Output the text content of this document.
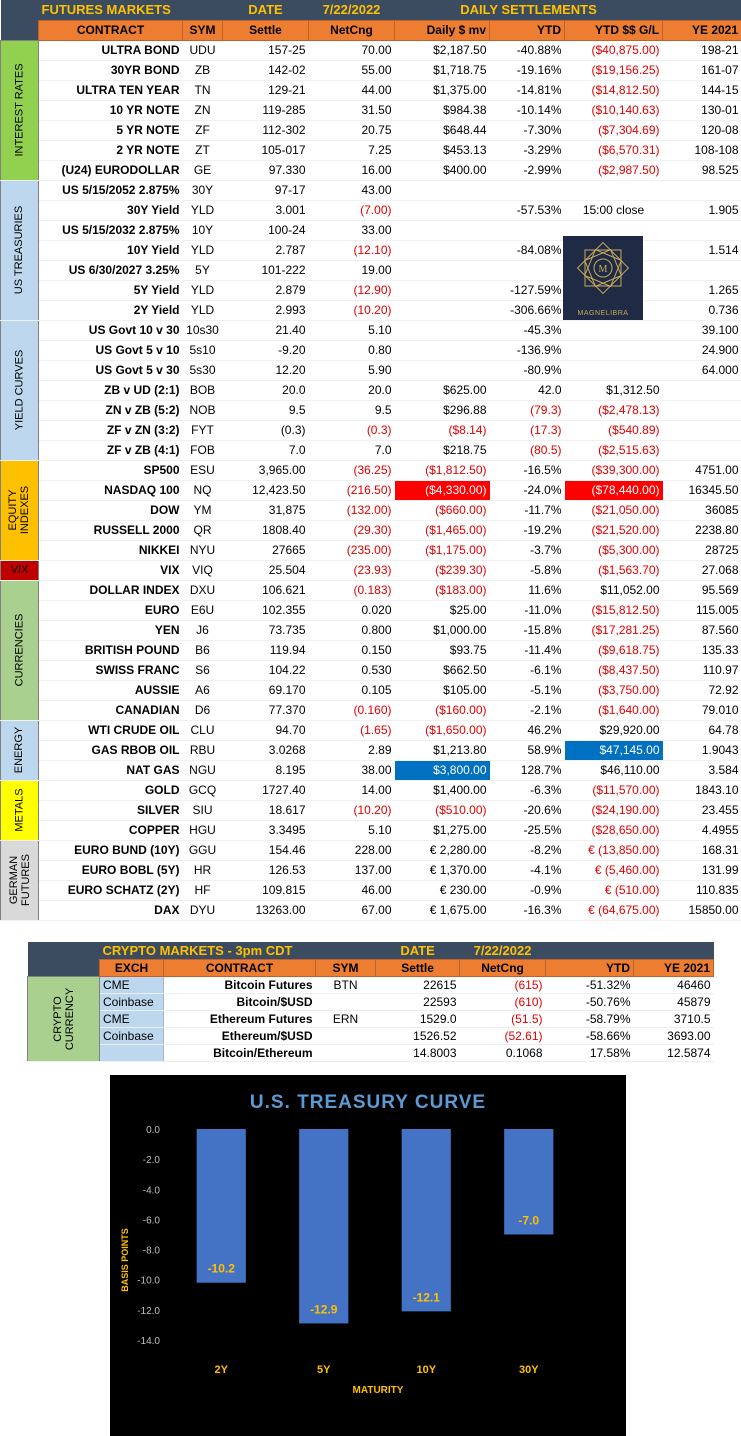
	FUTURES MARKETS		DATE	7/22/2022	DAILY SETTLEMENTS			
	CONTRACT	SYM	Settle	NetCng	Daily $ mv	YTD	YTD $$ G/L	YE 2021

INTEREST RATES	ULTRA BOND	UDU	157-25	70.00	$2,187.50	-40.88%	($40,875.00)	198-21
	30YR BOND	ZB	142-02	55.00	$1,718.75	-19.16%	($19,156.25)	161-07
	ULTRA TEN YEAR	TN	129-21	44.00	$1,375.00	-14.81%	($14,812.50)	144-15
	10 YR NOTE	ZN	119-285	31.50	$984.38	-10.14%	($10,140.63)	130-01
	5 YR NOTE	ZF	112-302	20.75	$648.44	-7.30%	($7,304.69)	120-08
	2 YR NOTE	ZT	105-017	7.25	$453.13	-3.29%	($6,570.31)	108-108
	(U24) EURODOLLAR	GE	97.330	16.00	$400.00	-2.99%	($2,987.50)	98.525

US TREASURIES	US 5/15/2052 2.875%	30Y	97-17	43.00				
	30Y Yield	YLD	3.001	(7.00)		-57.53%	15:00 close	1.905
	US 5/15/2032 2.875%	10Y	100-24	33.00				
	10Y Yield	YLD	2.787	(12.10)		-84.08%		1.514
	US 6/30/2027 3.25%	5Y	101-222	19.00				
	5Y Yield	YLD	2.879	(12.90)		-127.59%		1.265
	2Y Yield	YLD	2.993	(10.20)		-306.66%		0.736

YIELD CURVES	US Govt 10 v 30	10s30	21.40	5.10		-45.3%		39.100
	US Govt 5 v 10	5s10	-9.20	0.80		-136.9%		24.900
	US Govt 5 v 30	5s30	12.20	5.90		-80.9%		64.000
	ZB v UD (2:1)	BOB	20.0	20.0	$625.00	42.0	$1,312.50	
	ZN v ZB (5:2)	NOB	9.5	9.5	$296.88	(79.3)	($2,478.13)	
	ZF v ZN (3:2)	FYT	(0.3)	(0.3)	($8.14)	(17.3)	($540.89)	
	ZF v ZB (4:1)	FOB	7.0	7.0	$218.75	(80.5)	($2,515.63)	

EQUITY INDEXES	SP500	ESU	3,965.00	(36.25)	($1,812.50)	-16.5%	($39,300.00)	4751.00
	NASDAQ 100	NQ	12,423.50	(216.50)	($4,330.00)	-24.0%	($78,440.00)	16345.50
	DOW	YM	31,875	(132.00)	($660.00)	-11.7%	($21,050.00)	36085
	RUSSELL 2000	QR	1808.40	(29.30)	($1,465.00)	-19.2%	($21,520.00)	2238.80
	NIKKEI	NYU	27665	(235.00)	($1,175.00)	-3.7%	($5,300.00)	28725

VIX	VIX	VIQ	25.504	(23.93)	($239.30)	-5.8%	($1,563.70)	27.068

CURRENCIES	DOLLAR INDEX	DXU	106.621	(0.183)	($183.00)	11.6%	$11,052.00	95.569
	EURO	E6U	102.355	0.020	$25.00	-11.0%	($15,812.50)	115.005
	YEN	J6	73.735	0.800	$1,000.00	-15.8%	($17,281.25)	87.560
	BRITISH POUND	B6	119.94	0.150	$93.75	-11.4%	($9,618.75)	135.33
	SWISS FRANC	S6	104.22	0.530	$662.50	-6.1%	($8,437.50)	110.97
	AUSSIE	A6	69.170	0.105	$105.00	-5.1%	($3,750.00)	72.92
	CANADIAN	D6	77.370	(0.160)	($160.00)	-2.1%	($1,640.00)	79.010

ENERGY	WTI CRUDE OIL	CLU	94.70	(1.65)	($1,650.00)	46.2%	$29,920.00	64.78
	GAS RBOB OIL	RBU	3.0268	2.89	$1,213.80	58.9%	$47,145.00	1.9043
	NAT GAS	NGU	8.195	38.00	$3,800.00	128.7%	$46,110.00	3.584

METALS	GOLD	GCQ	1727.40	14.00	$1,400.00	-6.3%	($11,570.00)	1843.10
	SILVER	SIU	18.617	(10.20)	($510.00)	-20.6%	($24,190.00)	23.455
	COPPER	HGU	3.3495	5.10	$1,275.00	-25.5%	($28,650.00)	4.4955

GERMAN FUTURES	EURO BUND (10Y)	GGU	154.46	228.00	€ 2,280.00	-8.2%	€ (13,850.00)	168.31
	EURO BOBL (5Y)	HR	126.53	137.00	€ 1,370.00	-4.1%	€ (5,460.00)	131.99
	EURO SCHATZ (2Y)	HF	109.815	46.00	€ 230.00	-0.9%	€ (510.00)	110.835
	DAX	DYU	13263.00	67.00	€ 1,675.00	-16.3%	€ (64,675.00)	15850.00
M
MAGNELIBRA
	CRYPTO MARKETS - 3pm CDT			DATE	7/22/2022		
	EXCH	CONTRACT	SYM	Settle	NetCng	YTD	YE 2021

CRYPTO CURRENCY	CME	Bitcoin Futures	BTN	22615	(615)	-51.32%	46460
	Coinbase	Bitcoin/$USD		22593	(610)	-50.76%	45879
	CME	Ethereum Futures	ERN	1529.0	(51.5)	-58.79%	3710.5
	Coinbase	Ethereum/$USD		1526.52	(52.61)	-58.66%	3693.00
		Bitcoin/Ethereum		14.8003	0.1068	17.58%	12.5874
U.S. TREASURY CURVE
BASIS POINTS
MATURITY
0.0
-2.0
-4.0
-6.0
-8.0
-10.0
-12.0
-14.0
-10.2
2Y
-12.9
5Y
-12.1
10Y
-7.0
30Y
